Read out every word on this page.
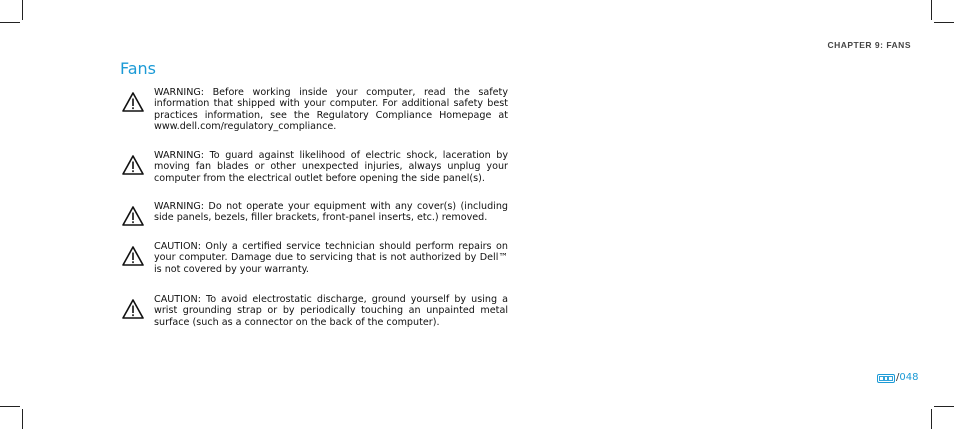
CHAPTER 9: FANS
Fans
WARNING: Before working inside your computer, read the safety information that shipped with your computer. For additional safety best practices information, see the Regulatory Compliance Homepage at www.dell.com/regulatory_compliance.
WARNING: To guard against likelihood of electric shock, laceration by moving fan blades or other unexpected injuries, always unplug your computer from the electrical outlet before opening the side panel(s).
WARNING: Do not operate your equipment with any cover(s) (including side panels, bezels, filler brackets, front-panel inserts, etc.) removed.
CAUTION: Only a certified service technician should perform repairs on your computer. Damage due to servicing that is not authorized by Dell™ is not covered by your warranty.
CAUTION: To avoid electrostatic discharge, ground yourself by using a wrist grounding strap or by periodically touching an unpainted metal surface (such as a connector on the back of the computer).
/ 048
